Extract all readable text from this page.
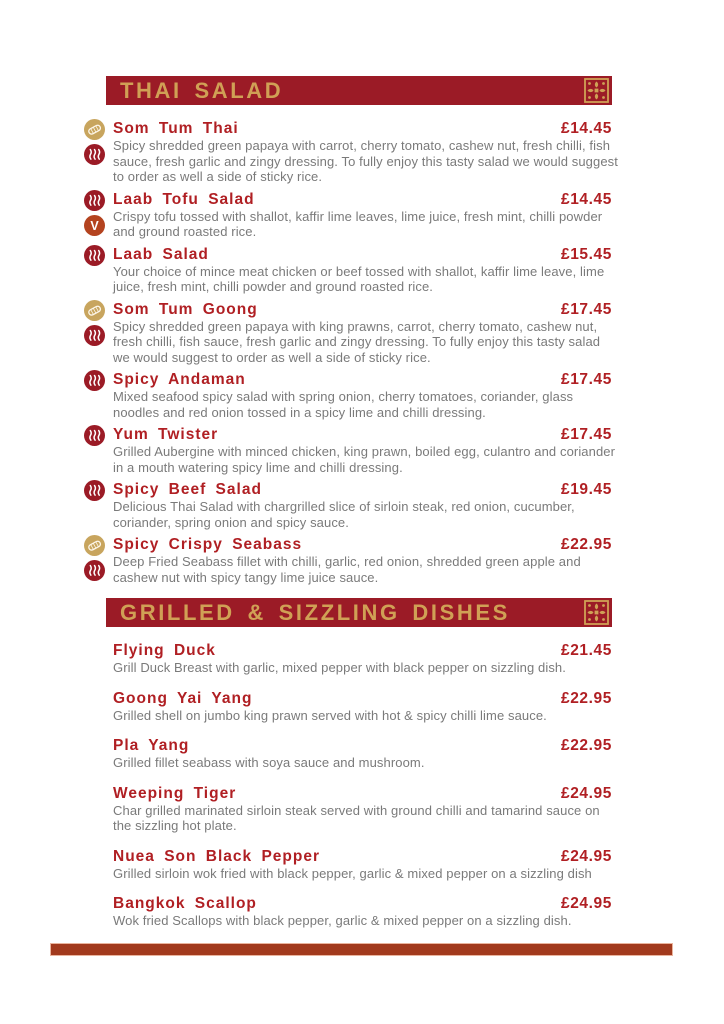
THAI SALAD
Som Tum Thai	£14.45
Spicy shredded green papaya with carrot, cherry tomato, cashew nut, fresh chilli, fish sauce, fresh garlic and zingy dressing. To fully enjoy this tasty salad we would suggest to order as well a side of sticky rice.
V
Laab Tofu Salad	£14.45
Crispy tofu tossed with shallot, kaffir lime leaves, lime juice, fresh mint, chilli powder and ground roasted rice.
Laab Salad	£15.45
Your choice of mince meat chicken or beef tossed with shallot, kaffir lime leave, lime juice, fresh mint, chilli powder and ground roasted rice.
Som Tum Goong	£17.45
Spicy shredded green papaya with king prawns, carrot, cherry tomato, cashew nut, fresh chilli, fish sauce, fresh garlic and zingy dressing. To fully enjoy this tasty salad we would suggest to order as well a side of sticky rice.
Spicy Andaman	£17.45
Mixed seafood spicy salad with spring onion, cherry tomatoes, coriander, glass noodles and red onion tossed in a spicy lime and chilli dressing.
Yum Twister	£17.45
Grilled Aubergine with minced chicken, king prawn, boiled egg, culantro and coriander in a mouth watering spicy lime and chilli dressing.
Spicy Beef Salad	£19.45
Delicious Thai Salad with chargrilled slice of sirloin steak, red onion, cucumber, coriander, spring onion and spicy sauce.
Spicy Crispy Seabass	£22.95
Deep Fried Seabass fillet with chilli, garlic, red onion, shredded green apple and cashew nut with spicy tangy lime juice sauce.
GRILLED & SIZZLING DISHES
Flying Duck	£21.45
Grill Duck Breast with garlic, mixed pepper with black pepper on sizzling dish.
Goong Yai Yang	£22.95
Grilled shell on jumbo king prawn served with hot & spicy chilli lime sauce.
Pla Yang	£22.95
Grilled fillet seabass with soya sauce and mushroom.
Weeping Tiger	£24.95
Char grilled marinated sirloin steak served with ground chilli and tamarind sauce on the sizzling hot plate.
Nuea Son Black Pepper	£24.95
Grilled sirloin wok fried with black pepper, garlic & mixed pepper on a sizzling dish
Bangkok Scallop	£24.95
Wok fried Scallops with black pepper, garlic & mixed pepper on a sizzling dish.
